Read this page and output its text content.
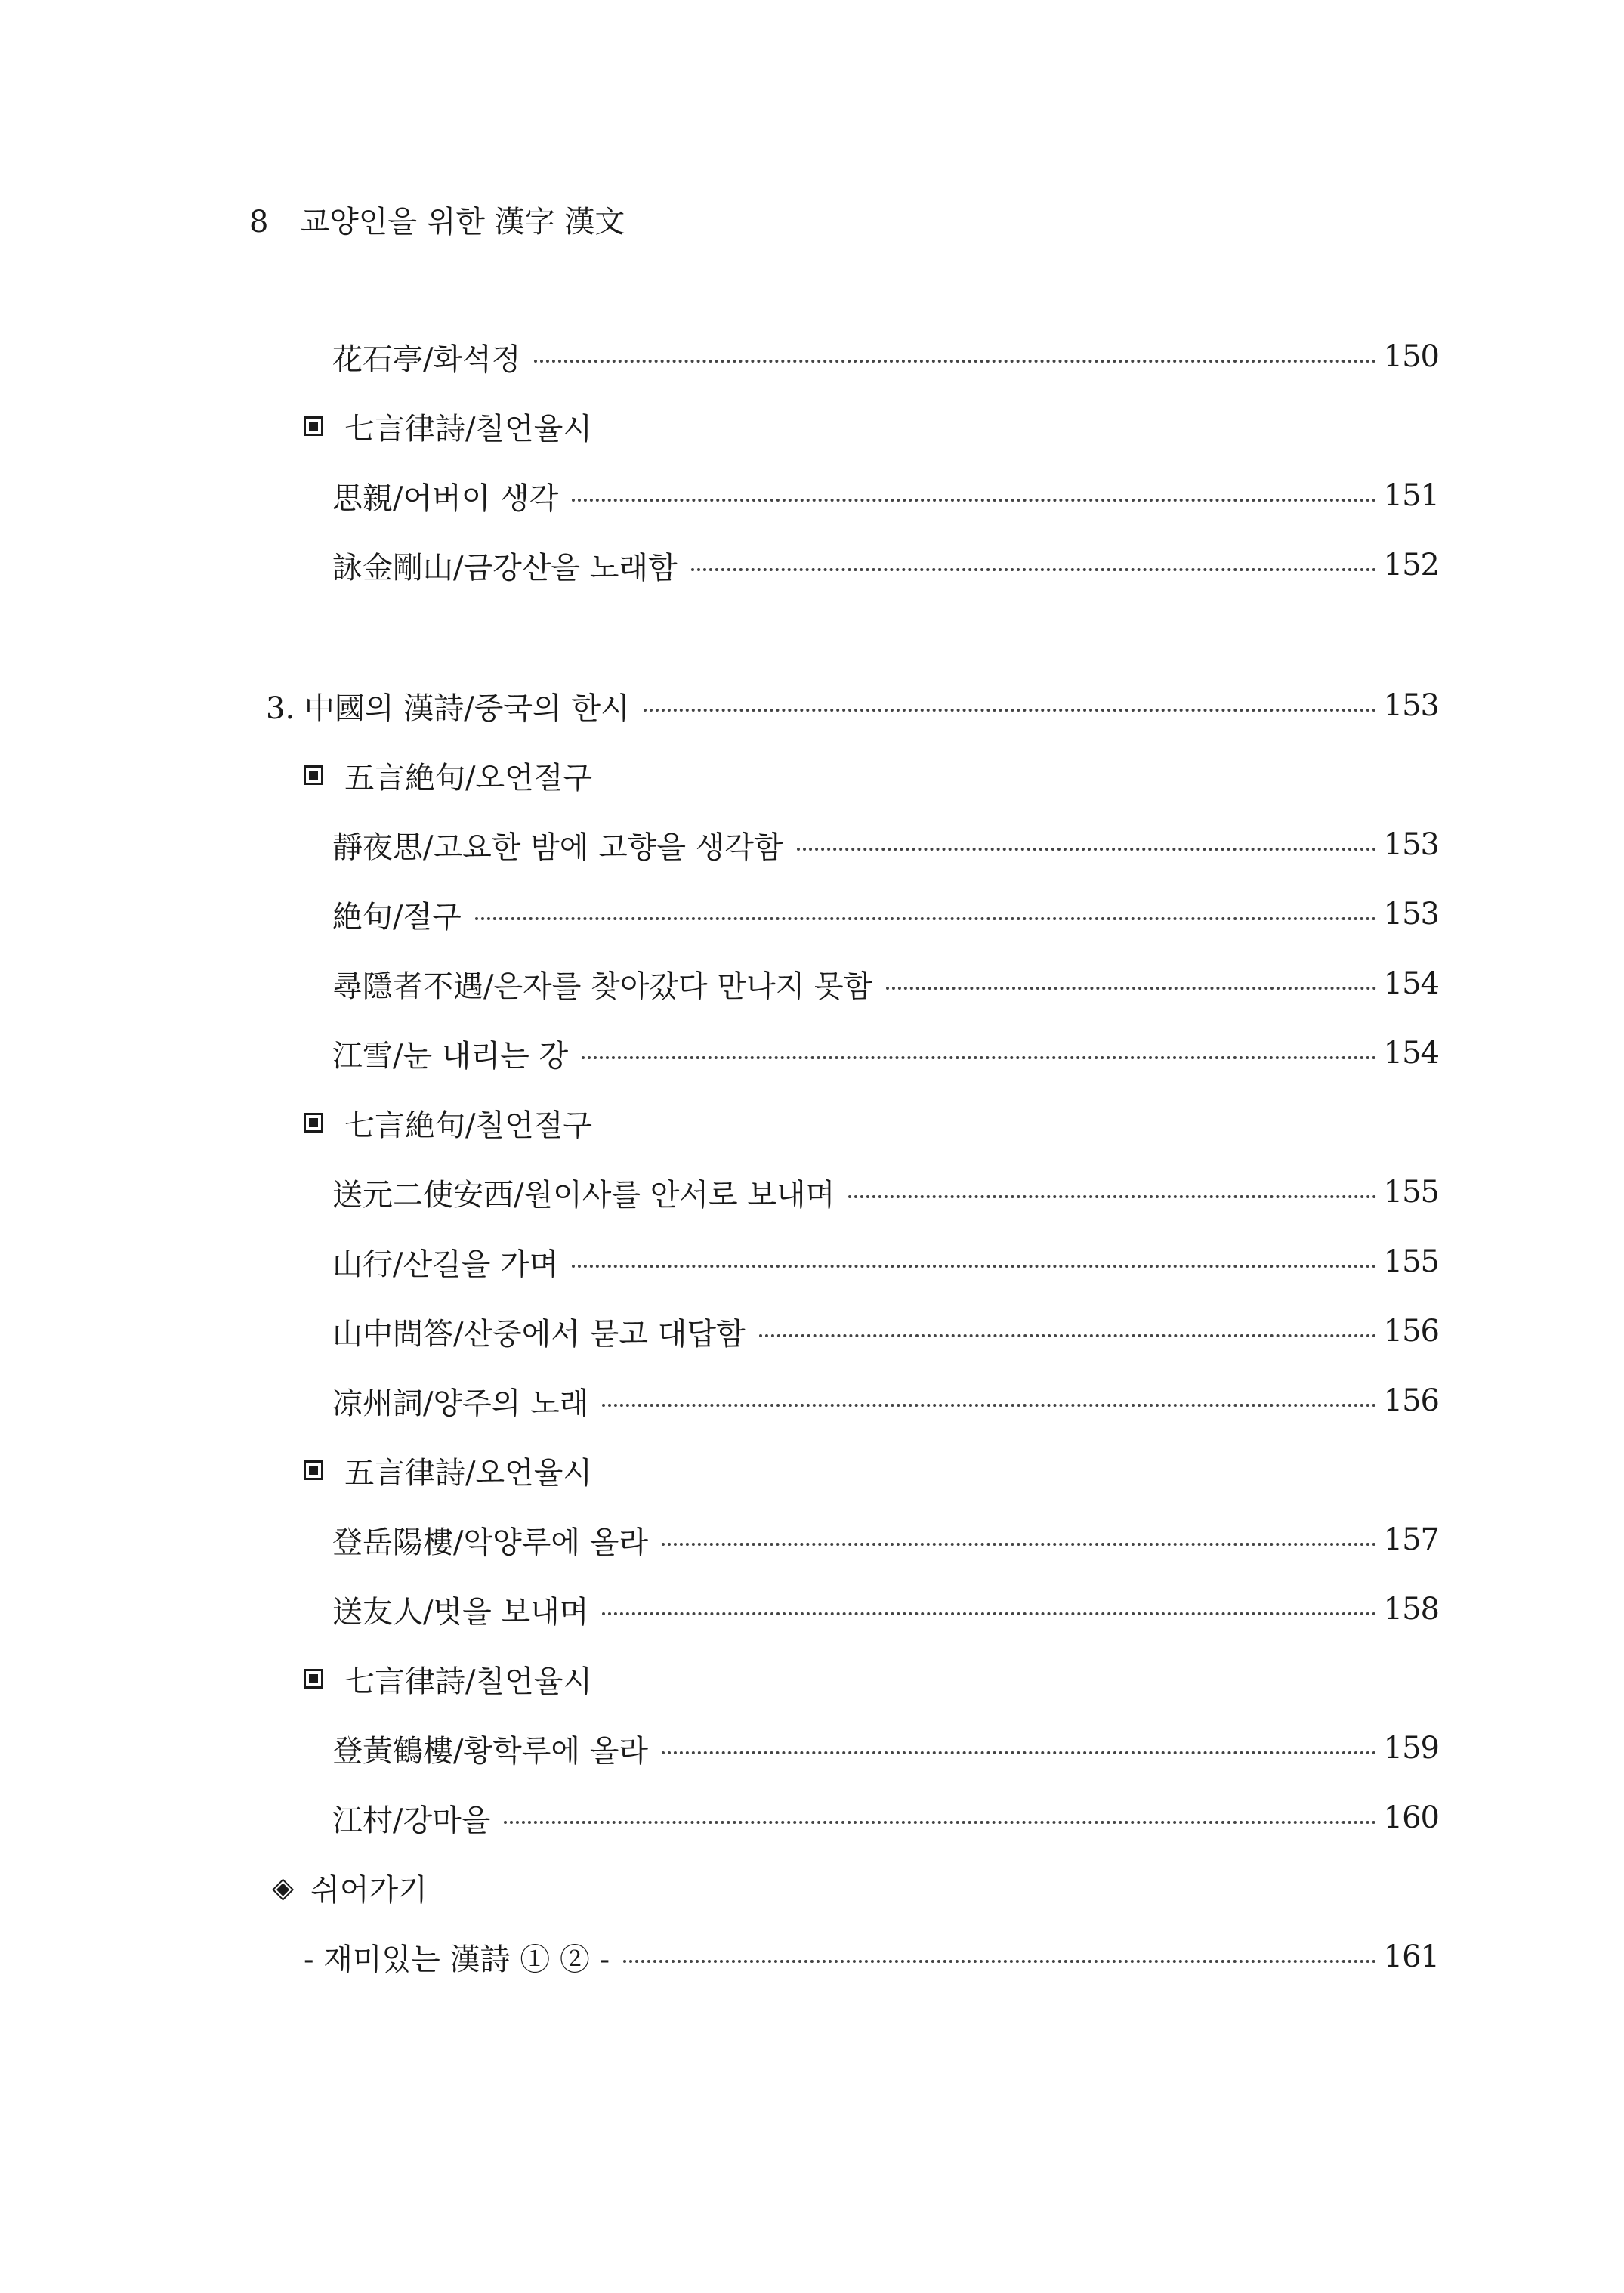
8 교양인을 위한 漢字 漢文
花石亭/화석정	150
七言律詩/칠언율시
思親/어버이 생각	151
詠金剛山/금강산을 노래함	152
3. 中國의 漢詩/중국의 한시	153
五言絶句/오언절구
靜夜思/고요한 밤에 고향을 생각함	153
絶句/절구	153
尋隱者不遇/은자를 찾아갔다 만나지 못함	154
江雪/눈 내리는 강	154
七言絶句/칠언절구
送元二使安西/원이사를 안서로 보내며	155
山行/산길을 가며	155
山中問答/산중에서 묻고 대답함	156
凉州詞/양주의 노래	156
五言律詩/오언율시
登岳陽樓/악양루에 올라	157
送友人/벗을 보내며	158
七言律詩/칠언율시
登黃鶴樓/황학루에 올라	159
江村/강마을	160
◈ 쉬어가기
- 재미있는 漢詩 ① ② -	161
